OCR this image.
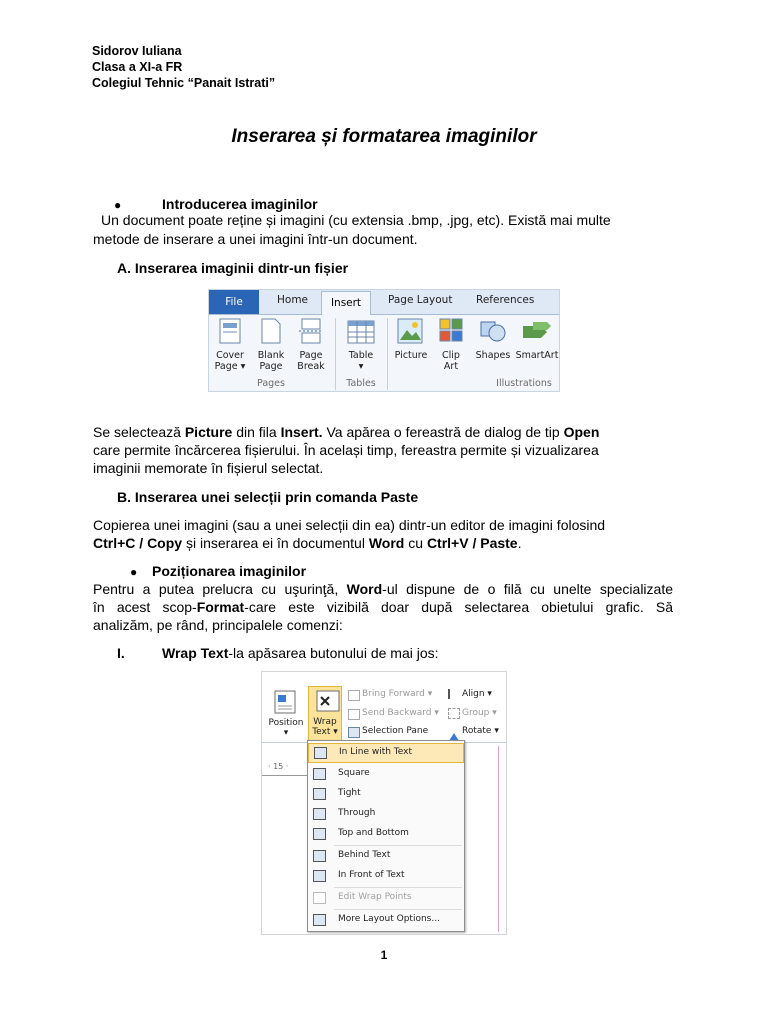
Sidorov Iuliana
Clasa a XI-a FR
Colegiul Tehnic “Panait Istrati”
Inserarea și formatarea imaginilor
●	Introducerea imaginilor
Un document poate reține și imagini (cu extensia .bmp, .jpg, etc). Există mai multe
metode de inserare a unei imagini într-un document.
A. Inserarea imaginii dintr-un fișier
File	Home	Insert	Page Layout References
Cover
Page ▾
Blank
Page
Page
Break
Pages
Table
▾
Tables
Picture	Clip
Art
Shapes SmartArt
Illustrations
Se selectează Picture din fila Insert. Va apărea o fereastră de dialog de tip Open
care permite încărcerea fișierului. În același timp, fereastra permite și vizualizarea
imaginii memorate în fișierul selectat.
B. Inserarea unei selecții prin comanda Paste
Copierea unei imagini (sau a unei selecții din ea) dintr-un editor de imagini folosind
Ctrl+C / Copy și inserarea ei în documentul Word cu Ctrl+V / Paste.
● Poziționarea imaginilor
Pentru a putea prelucra cu uşurinţă, Word-ul dispune de o filă cu unelte specializate
în acest scop-Format-care este vizibilă doar după selectarea obietului grafic. Să
analizăm, pe rând, principalele comenzi:
I.	Wrap Text-la apăsarea butonului de mai jos:
Position
▾
Wrap
Text ▾
Bring Forward ▾
Send Backward ▾
Selection Pane
Align ▾
Group ▾
Rotate ▾
· 15 ·
In Line with Text
Square
Tight
Through
Top and Bottom
Behind Text
In Front of Text
Edit Wrap Points
More Layout Options...
1
